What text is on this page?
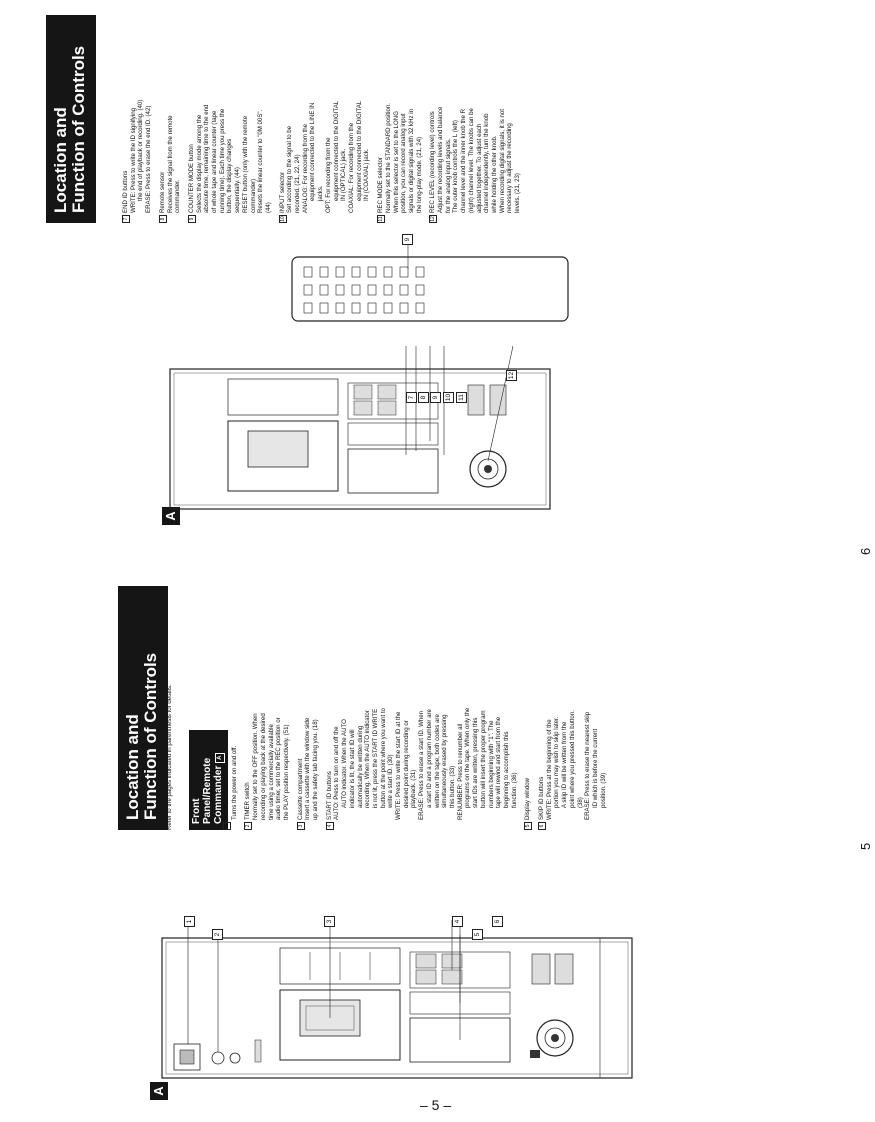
A
1
2
3	4
5
6
Location and Function of Controls Refer to the pages indicated in parenthesis for details. Front Panel/Remote CommanderA
1
POWER button Turns the power on and off.
2
TIMER switch Normally set to the OFF position. When recording or playing back at the desired time using a commercially available audio timer, set to the REC position or the PLAY position respectively. (51)
3
Cassette compartment Insert a cassette with the window side up and the safety tab facing you. (18)
4
START ID buttons AUTO: Press to turn on and off the AUTO indicator. When the AUTO indicator is lit, the start ID will automatically be written during recording. When the AUTO indicator is not lit, press the START ID WRITE button at the point where you want to write a start ID. (30) WRITE: Press to write the start ID at the desired point during recording or playback. (31) ERASE: Press to erase a start ID. When a start ID and a program number are written on the tape, both codes are simultaneously erased by pressing this button. (33) RENUMBER: Press to renumber all programs on the tape. When only the start IDs are written, pressing this button will insert the proper program numbers beginning with "1". The tape will rewind and start from the beginning to accomplish this function. (36)
5
Display window
6
SKIP ID buttons WRITE: Press at the beginning of the portion you may wish to skip later. A skip ID will be written from the point where you pressed this button. (38) ERASE: Press to erase the nearest skip ID which is before the current position. (39)
5
A
7 8 9 10 11
12
9
Location and Function of Controls
7
END ID buttons WRITE: Press to write the ID signifying the end of playback or recording. (40) ERASE: Press to erase the end ID. (42)
8
Remote sensor Receives the signal from the remote commander.
9
COUNTER MODE button Selects the display mode among the absolute time, remaining time to the end of whole tape and linear counter (tape running time). Each time you press the button, the display changes sequentially. (44) RESET button (only with the remote commander) Resets the linear counter to "0M 00S". (44)
10
INPUT selector Set according to the signal to be recorded. (21, 22, 24) ANALOG: For recording from the equipment connected to the LINE IN jacks. OPT: For recording from the equipment connected to the DIGITAL IN (OPTICAL) jack. COAXIAL: For recording from the equipment connected to the DIGITAL IN (COAXIAL) jack.
11
REC MODE selector Normally set to the STANDARD position. When this selector is set to the LONG position, you can record analog input signals or digital signals with 32 kHz in the long-play mode. (21, 24)
12
REC LEVEL (recording level) controls Adjust the recording levels and balance for the analog input signals. The outer knob controls the L (left) channel level and the inner knob the R (right) channel level. The knobs can be adjusted together. To adjust each channel independently, turn the knob while holding the other knob. When recording digital signals, it is not necessary to adjust the recording levels. (21, 23)
6
– 5 –
